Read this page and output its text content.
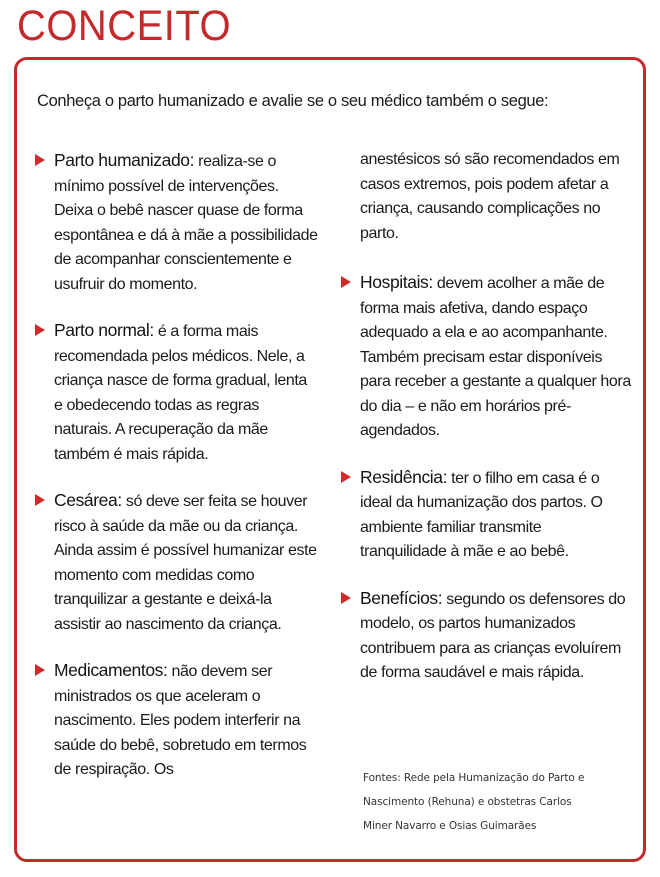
CONCEITO

Conheça o parto humanizado e avalie se o seu médico também o segue:

Parto humanizado: realiza-se o mínimo possível de intervenções. Deixa o bebê nascer quase de forma espontânea e dá à mãe a possibilidade de acompanhar conscientemente e usufruir do momento.
Parto normal: é a forma mais recomendada pelos médicos. Nele, a criança nasce de forma gradual, lenta e obedecendo todas as regras naturais. A recuperação da mãe também é mais rápida.
Cesárea: só deve ser feita se houver risco à saúde da mãe ou da criança. Ainda assim é possível humanizar este momento com medidas como tranquilizar a gestante e deixá-la assistir ao nascimento da criança.
Medicamentos: não devem ser ministrados os que aceleram o nascimento. Eles podem interferir na saúde do bebê, sobretudo em termos de respiração. Os
anestésicos só são recomendados em casos extremos, pois podem afetar a criança, causando complicações no parto.
Hospitais: devem acolher a mãe de forma mais afetiva, dando espaço adequado a ela e ao acompanhante. Também precisam estar disponíveis para receber a gestante a qualquer hora do dia – e não em horários pré-agendados.
Residência: ter o filho em casa é o ideal da humanização dos partos. O ambiente familiar transmite tranquilidade à mãe e ao bebê.
Benefícios: segundo os defensores do modelo, os partos humanizados contribuem para as crianças evoluírem de forma saudável e mais rápida.
Fontes: Rede pela Humanização do Parto e
Nascimento (Rehuna) e obstetras Carlos
Miner Navarro e Osias Guimarães
